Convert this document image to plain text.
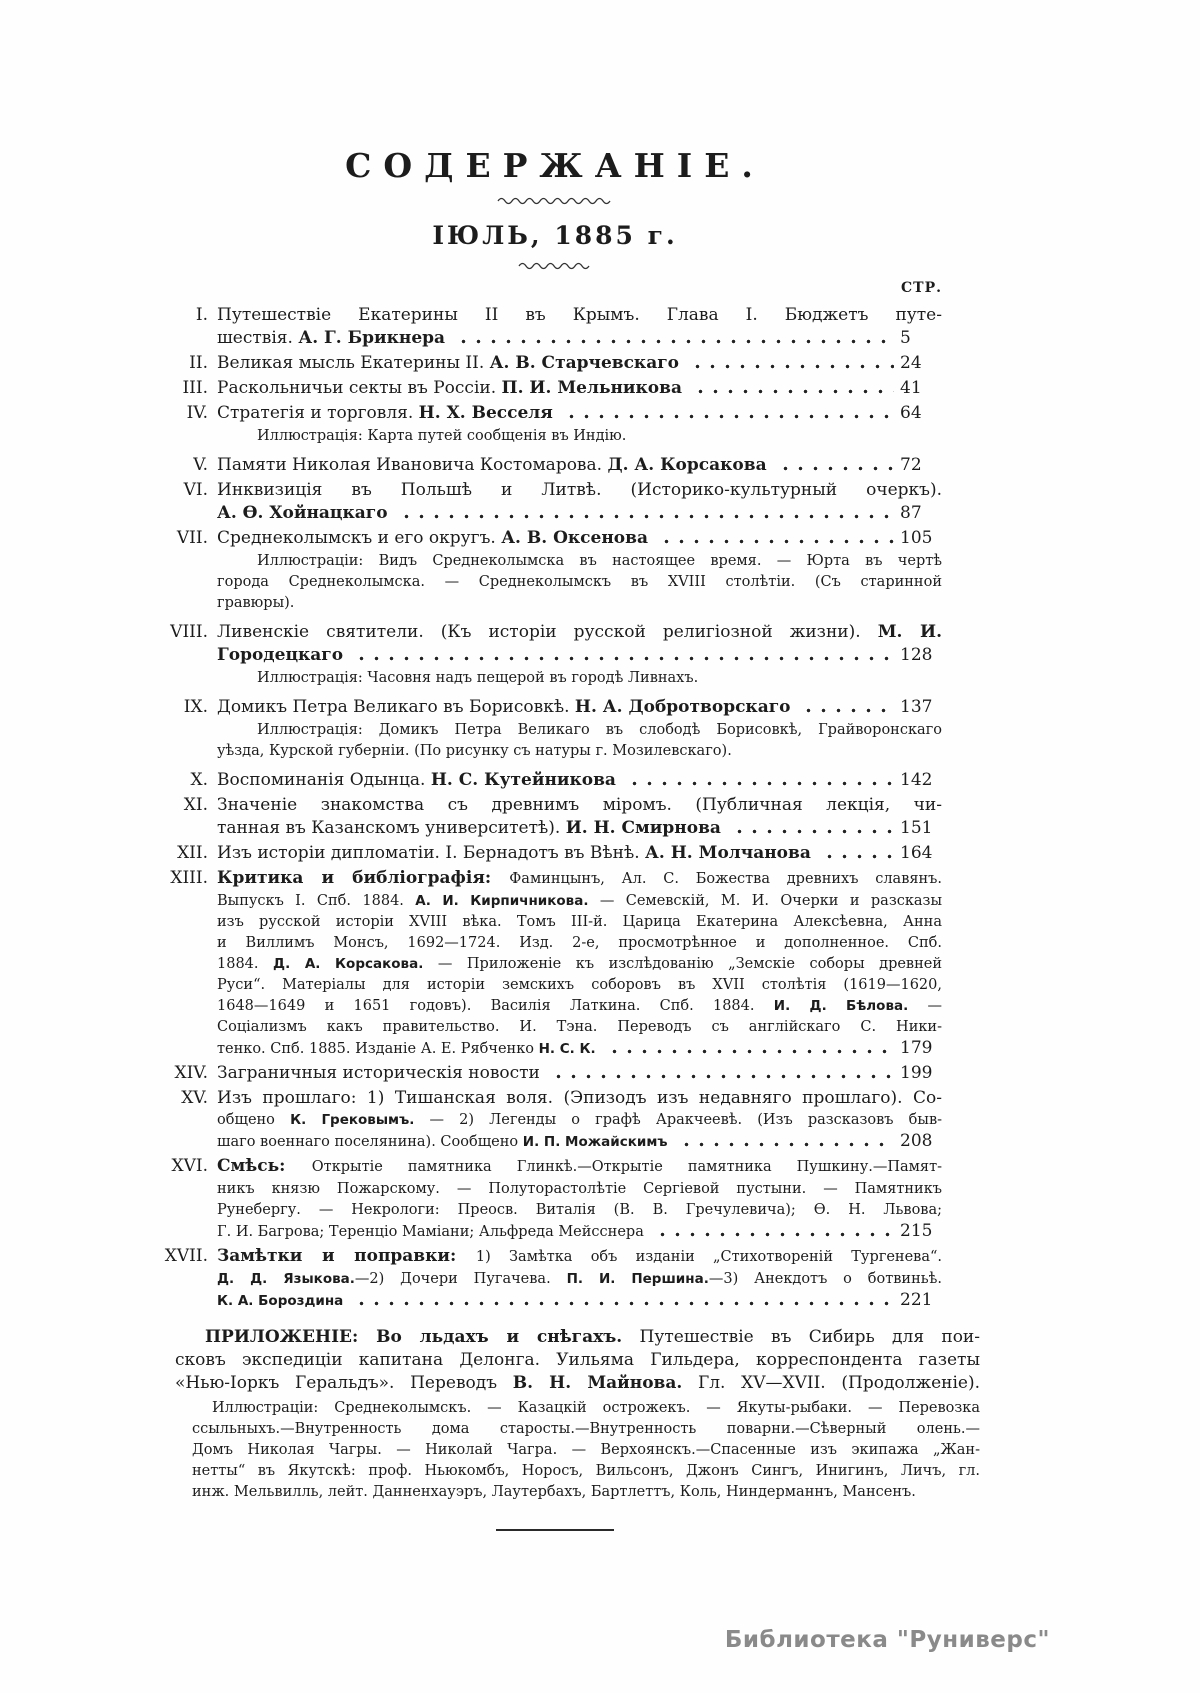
СОДЕРЖАНІЕ.
ІЮЛЬ, 1885 г.
СТР.
I. Путешествіе Екатерины II въ Крымъ. Глава I. Бюджетъ путе-
шествія. А. Г. Брикнера	5
II. Великая мысль Екатерины II. А. В. Старчевскаго	24
III. Раскольничьи секты въ Россіи. П. И. Мельникова	41
IV. Стратегія и торговля. Н. Х. Весселя	64
Иллюстрація: Карта путей сообщенія въ Индію.
V. Памяти Николая Ивановича Костомарова. Д. А. Корсакова	72
VI. Инквизиція въ Польшѣ и Литвѣ. (Историко-культурный очеркъ).
А. Ѳ. Хойнацкаго	87
VII. Среднеколымскъ и его округъ. А. В. Оксенова	105
Иллюстраціи: Видъ Среднеколымска въ настоящее время. — Юрта въ чертѣ
города Среднеколымска. — Среднеколымскъ въ XVIII столѣтіи. (Съ старинной
гравюры).
VIII. Ливенскіе святители. (Къ исторіи русской религіозной жизни). М. И.
Городецкаго	128
Иллюстрація: Часовня надъ пещерой въ городѣ Ливнахъ.
IX. Домикъ Петра Великаго въ Борисовкѣ. Н. А. Добротворскаго	137
Иллюстрація: Домикъ Петра Великаго въ слободѣ Борисовкѣ, Грайворонскаго
уѣзда, Курской губерніи. (По рисунку съ натуры г. Мозилевскаго).
X. Воспоминанія Одынца. Н. С. Кутейникова	142
XI. Значеніе знакомства съ древнимъ міромъ. (Публичная лекція, чи-
танная въ Казанскомъ университетѣ). И. Н. Смирнова	151
XII. Изъ исторіи дипломатіи. I. Бернадотъ въ Вѣнѣ. А. Н. Молчанова	164
XIII. Критика и библіографія: Фаминцынъ, Ал. С. Божества древнихъ славянъ.
Выпускъ I. Спб. 1884. А. И. Кирпичникова. — Семевскій, М. И. Очерки и разсказы
изъ русской исторіи XVIII вѣка. Томъ III-й. Царица Екатерина Алексѣевна, Анна
и Виллимъ Монсъ, 1692—1724. Изд. 2-е, просмотрѣнное и дополненное. Спб.
1884. Д. А. Корсакова. — Приложеніе къ изслѣдованію „Земскіе соборы древней
Руси“. Матеріалы для исторіи земскихъ соборовъ въ XVII столѣтія (1619—1620,
1648—1649 и 1651 годовъ). Василія Латкина. Спб. 1884. И. Д. Бѣлова. —
Соціализмъ какъ правительство. И. Тэна. Переводъ съ англійскаго С. Ники-
тенко. Спб. 1885. Изданіе А. Е. Рябченко Н. С. К.	179
XIV. Заграничныя историческія новости	199
XV. Изъ прошлаго: 1) Тишанская воля. (Эпизодъ изъ недавняго прошлаго). Со-
общено К. Грековымъ. — 2) Легенды о графѣ Аракчеевѣ. (Изъ разсказовъ быв-
шаго военнаго поселянина). Сообщено И. П. Можайскимъ	208
XVI. Смѣсь: Открытіе памятника Глинкѣ.—Открытіе памятника Пушкину.—Памят-
никъ князю Пожарскому. — Полуторастолѣтіе Сергіевой пустыни. — Памятникъ
Рунебергу. — Некрологи: Преосв. Виталія (В. В. Гречулевича); Ѳ. Н. Львова;
Г. И. Багрова; Теренціо Маміани; Альфреда Мейсснера	215
XVII. Замѣтки и поправки: 1) Замѣтка объ изданіи „Стихотвореній Тургенева“.
Д. Д. Языкова.—2) Дочери Пугачева. П. И. Першина.—3) Анекдотъ о ботвиньѣ.
К. А. Бороздина	221
ПРИЛОЖЕНІЕ: Во льдахъ и снѣгахъ. Путешествіе въ Сибирь для пои-
сковъ экспедиціи капитана Делонга. Уильяма Гильдера, корреспондента газеты
«Нью-Іоркъ Геральдъ». Переводъ В. Н. Майнова. Гл. XV—XVII. (Продолженіе).
Иллюстраціи: Среднеколымскъ. — Казацкій острожекъ. — Якуты-рыбаки. — Перевозка
ссыльныхъ.—Внутренность дома старосты.—Внутренность поварни.—Сѣверный олень.—
Домъ Николая Чагры. — Николай Чагра. — Верхоянскъ.—Спасенные изъ экипажа „Жан-
нетты“ въ Якутскѣ: проф. Ньюкомбъ, Норосъ, Вильсонъ, Джонъ Сингъ, Инигинъ, Личъ, гл.
инж. Мельвилль, лейт. Данненхауэръ, Лаутербахъ, Бартлеттъ, Коль, Ниндерманнъ, Мансенъ.
Библиотека "Руниверс"
